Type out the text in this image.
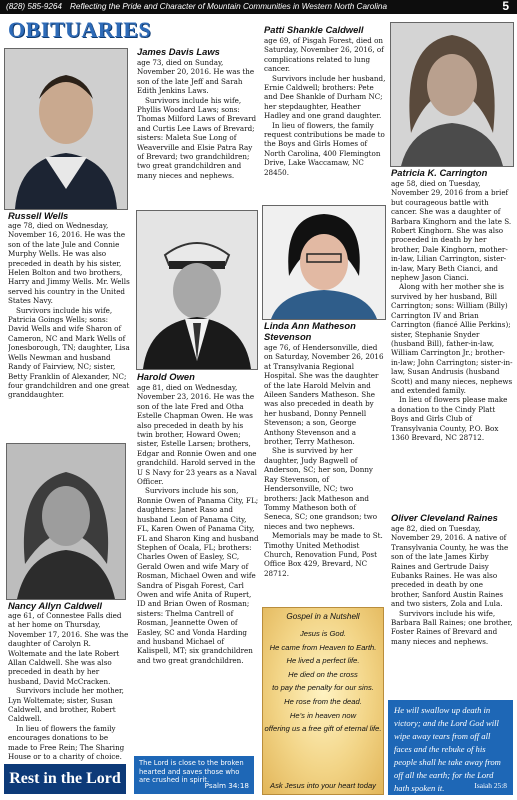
(828) 585-9264 Reflecting the Pride and Character of Mountain Communities in Western North Carolina	5
OBITUARIES
Russell Wells

age 78, died on Wednesday, November 16, 2016. He was the son of the late Jule and Connie Murphy Wells. He was also preceded in death by his sister, Helen Bolton and two brothers, Harry and Jimmy Wells. Mr. Wells served his country in the United States Navy.

Survivors include his wife, Patricia Goings Wells; sons: David Wells and wife Sharon of Cameron, NC and Mark Wells of Jonesborough, TN; daughter, Lisa Wells Newman and husband Randy of Fairview, NC; sister, Betty Franklin of Alexander, NC; four grandchildren and one great granddaughter.

Nancy Allyn Caldwell

age 61, of Connestee Falls died at her home on Thursday, November 17, 2016. She was the daughter of Carolyn R. Woltemate and the late Robert Allan Caldwell. She was also preceded in death by her husband, David McCracken.

Survivors include her mother, Lyn Woltemate; sister, Susan Caldwell, and brother, Robert Caldwell.

In lieu of flowers the family encourages donations to be made to Free Rein; The Sharing House or to a charity of choice.

Rest in the Lord
James Davis Laws

age 73, died on Sunday, November 20, 2016. He was the son of the late Jeff and Sarah Edith Jenkins Laws.

Survivors include his wife, Phyllis Woodard Laws; sons: Thomas Milford Laws of Brevard and Curtis Lee Laws of Brevard; sisters: Maleta Sue Long of Weaverville and Elsie Patra Ray of Brevard; two grandchildren; two great grandchildren and many nieces and nephews.

Harold Owen

age 81, died on Wednesday, November 23, 2016. He was the son of the late Fred and Otha Estelle Chapman Owen. He was also preceded in death by his twin brother, Howard Owen; sister, Estelle Larsen; brothers, Edgar and Ronnie Owen and one grandchild. Harold served in the U S Navy for 23 years as a Naval Officer.

Survivors include his son, Ronnie Owen of Panama City, FL; daughters: Janet Raso and husband Leon of Panama City, FL, Karen Owen of Panama City, FL and Sharon King and husband Stephen of Ocala, FL; brothers: Charles Owen of Easley, SC, Gerald Owen and wife Mary of Rosman, Michael Owen and wife Sandra of Pisgah Forest, Carl Owen and wife Anita of Rupert, ID and Brian Owen of Rosman; sisters: Thelma Cantrell of Rosman, Jeannette Owen of Easley, SC and Vonda Harding and husband Michael of Kalispell, MT; six grandchildren and two great grandchildren.

The Lord is close to the broken hearted and saves those who are crushed in spirit.
Psalm 34:18
Patti Shankle Caldwell

age 69, of Pisgah Forest, died on Saturday, November 26, 2016, of complications related to lung cancer.

Survivors include her husband, Ernie Caldwell; brothers: Pete and Dee Shankle of Durham NC; her stepdaughter, Heather Hadley and one grand daughter.

In lieu of flowers, the family request contributions be made to the Boys and Girls Homes of North Carolina, 400 Flemington Drive, Lake Waccamaw, NC 28450.

Linda Ann Matheson
Stevenson

age 76, of Hendersonville, died on Saturday, November 26, 2016 at Transylvania Regional Hospital. She was the daughter of the late Harold Melvin and Aileen Sanders Matheson. She was also preceded in death by her husband, Donny Pennell Stevenson; a son, George Anthony Stevenson and a brother, Terry Matheson.

She is survived by her daughter, Judy Bagwell of Anderson, SC; her son, Donny Ray Stevenson, of Hendersonville, NC; two brothers: Jack Matheson and Tommy Matheson both of Seneca, SC; one grandson; two nieces and two nephews.

Memorials may be made to St. Timothy United Methodist Church, Renovation Fund, Post Office Box 429, Brevard, NC 28712.

Gospel in a Nutshell
Jesus is God.
He came from Heaven to Earth.
He lived a perfect life.
He died on the cross
to pay the penalty for our sins.
He rose from the dead.
He’s in heaven now
offering us a free gift of eternal life.
Ask Jesus into your heart today
Patricia K. Carrington

age 58, died on Tuesday, November 29, 2016 from a brief but courageous battle with cancer. She was a daughter of Barbara Kinghorn and the late S. Robert Kinghorn. She was also proceeded in death by her brother, Dale Kinghorn, mother-in-law, Lilian Carrington, sister-in-law, Mary Beth Cianci, and nephew Jason Cianci.

Along with her mother she is survived by her husband, Bill Carrington; sons: William (Billy) Carrington IV and Brian Carrington (fiancé Allie Perkins); sister, Stephanie Snyder (husband Bill), father-in-law, William Carrington Jr.; brother-in-law; John Carrington; sister-in-law, Susan Andrusis (husband Scott) and many nieces, nephews and extended family.

In lieu of flowers please make a donation to the Cindy Platt Boys and Girls Club of Transylvania County, P.O. Box 1360 Brevard, NC 28712.

Oliver Cleveland Raines

age 82, died on Tuesday, November 29, 2016. A native of Transylvania County, he was the son of the late James Kirby Raines and Gertrude Daisy Eubanks Raines. He was also preceded in death by one brother, Sanford Austin Raines and two sisters, Zola and Lula.

Survivors include his wife, Barbara Ball Raines; one brother, Foster Raines of Brevard and many nieces and nephews.

He will swallow up death in victory; and the Lord God will wipe away tears from off all faces and the rebuke of his people shall he take away from off all the earth; for the Lord hath spoken it.	Isaiah 25:8
